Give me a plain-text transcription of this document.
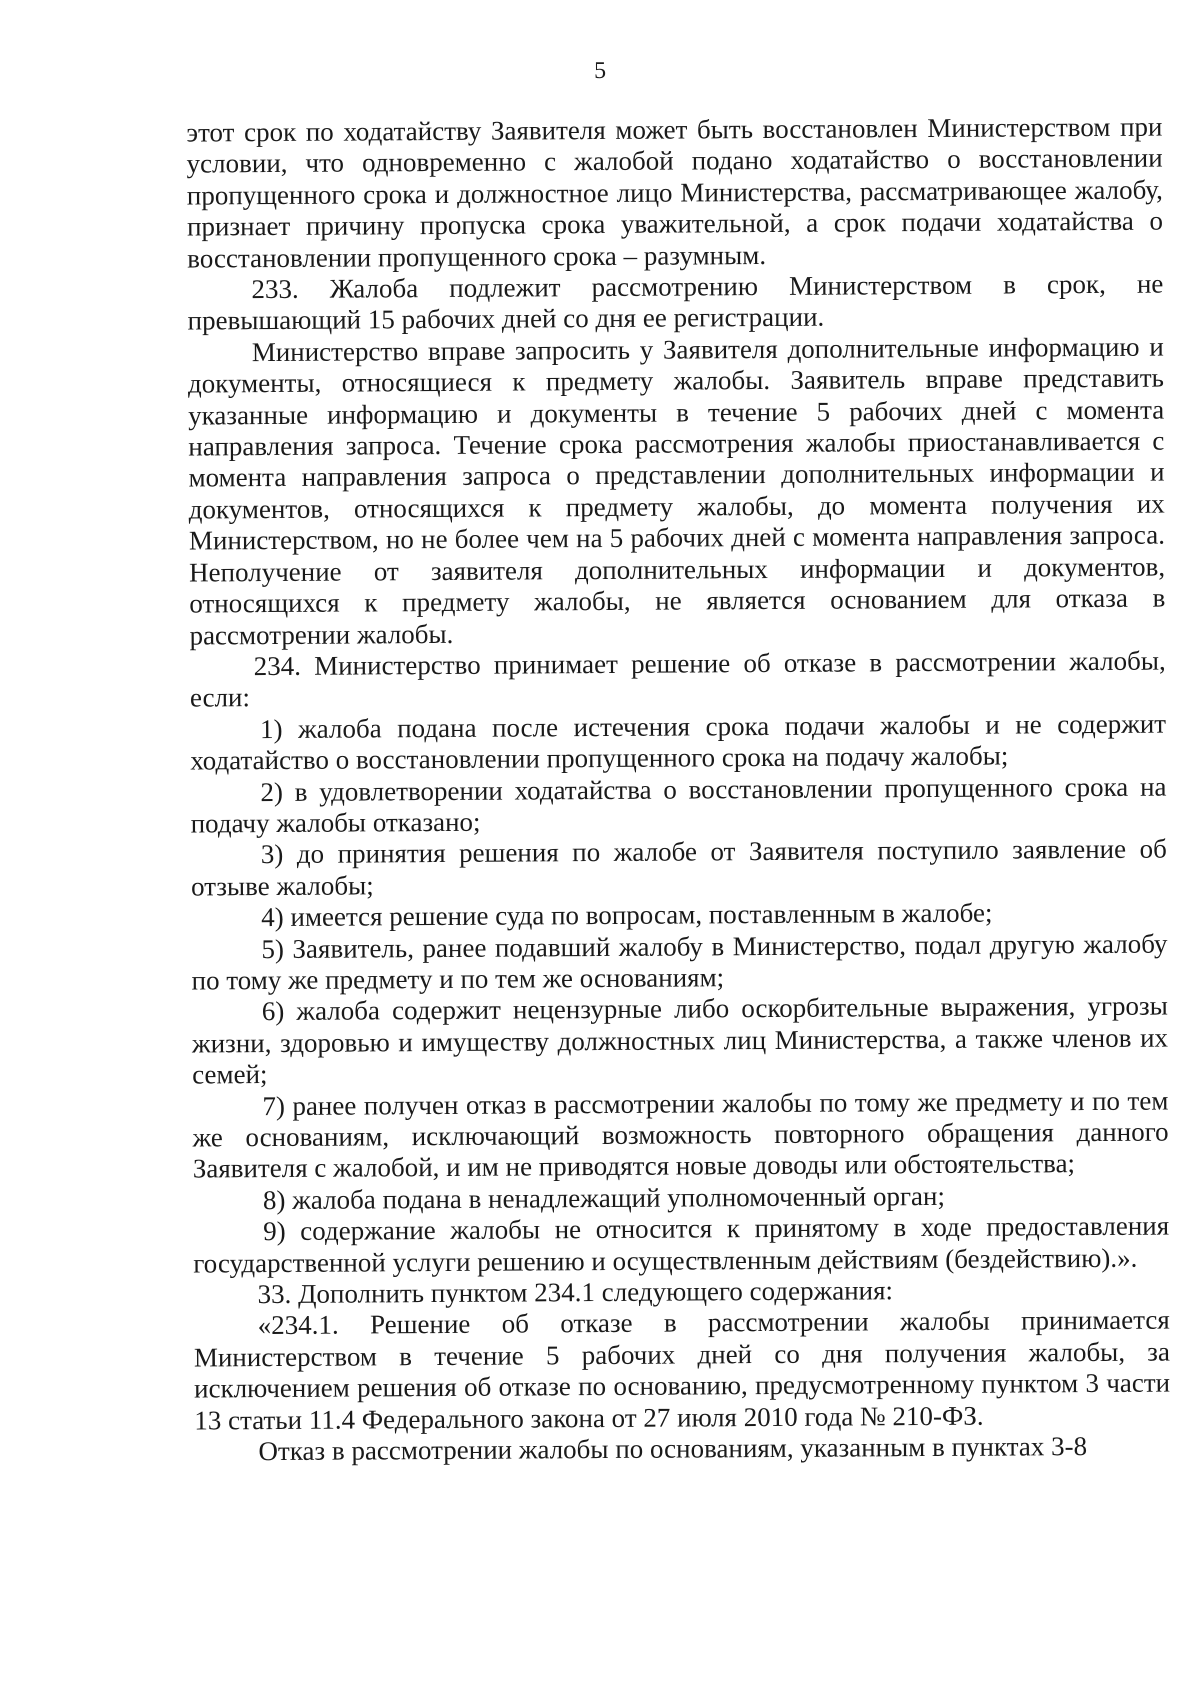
5

этот срок по ходатайству Заявителя может быть восстановлен Министерством при условии, что одновременно с жалобой подано ходатайство о восстановлении пропущенного срока и должностное лицо Министерства, рассматривающее жалобу, признает причину пропуска срока уважительной, а срок подачи ходатайства о восстановлении пропущенного срока – разумным.

233. Жалоба подлежит рассмотрению Министерством в срок, не превышающий 15 рабочих дней со дня ее регистрации.

Министерство вправе запросить у Заявителя дополнительные информацию и документы, относящиеся к предмету жалобы. Заявитель вправе представить указанные информацию и документы в течение 5 рабочих дней с момента направления запроса. Течение срока рассмотрения жалобы приостанавливается с момента направления запроса о представлении дополнительных информации и документов, относящихся к предмету жалобы, до момента получения их Министерством, но не более чем на 5 рабочих дней с момента направления запроса. Неполучение от заявителя дополнительных информации и документов, относящихся к предмету жалобы, не является основанием для отказа в рассмотрении жалобы.

234. Министерство принимает решение об отказе в рассмотрении жалобы, если:

1) жалоба подана после истечения срока подачи жалобы и не содержит ходатайство о восстановлении пропущенного срока на подачу жалобы;

2) в удовлетворении ходатайства о восстановлении пропущенного срока на подачу жалобы отказано;

3) до принятия решения по жалобе от Заявителя поступило заявление об отзыве жалобы;

4) имеется решение суда по вопросам, поставленным в жалобе;

5) Заявитель, ранее подавший жалобу в Министерство, подал другую жалобу по тому же предмету и по тем же основаниям;

6) жалоба содержит нецензурные либо оскорбительные выражения, угрозы жизни, здоровью и имуществу должностных лиц Министерства, а также членов их семей;

7) ранее получен отказ в рассмотрении жалобы по тому же предмету и по тем же основаниям, исключающий возможность повторного обращения данного Заявителя с жалобой, и им не приводятся новые доводы или обстоятельства;

8) жалоба подана в ненадлежащий уполномоченный орган;

9) содержание жалобы не относится к принятому в ходе предоставления государственной услуги решению и осуществленным действиям (бездействию).».

33. Дополнить пунктом 234.1 следующего содержания:

«234.1. Решение об отказе в рассмотрении жалобы принимается Министерством в течение 5 рабочих дней со дня получения жалобы, за исключением решения об отказе по основанию, предусмотренному пунктом 3 части 13 статьи 11.4 Федерального закона от 27 июля 2010 года № 210-ФЗ.

Отказ в рассмотрении жалобы по основаниям, указанным в пунктах 3-8
